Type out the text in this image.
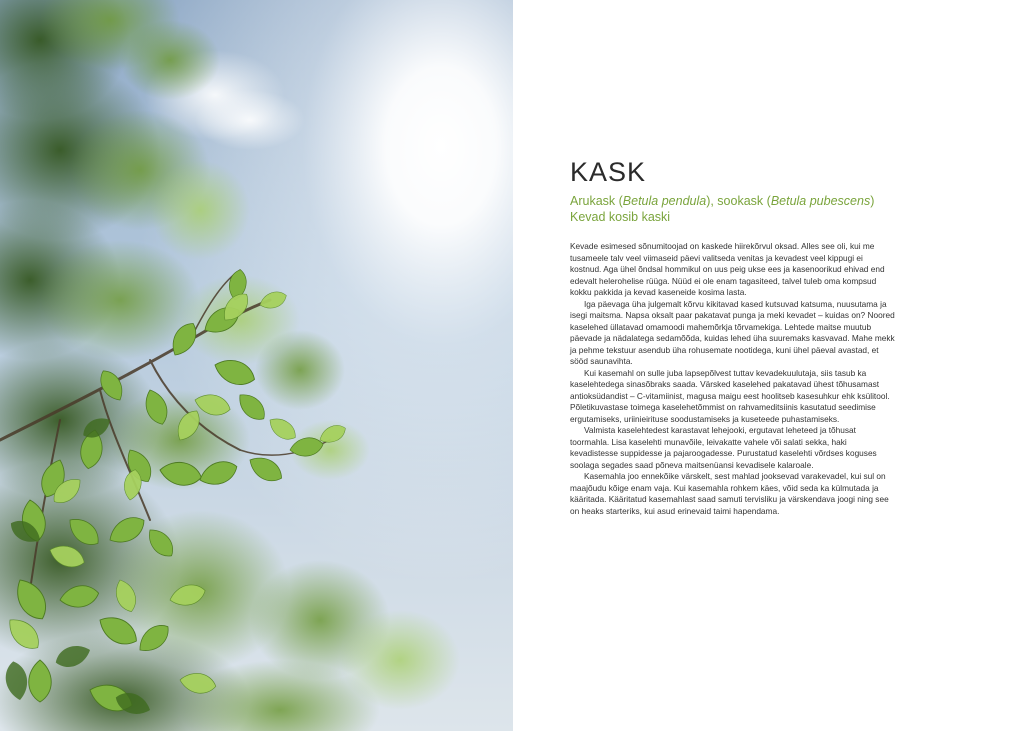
KASK
Arukask (Betula pendula), sookask (Betula pubescens)
Kevad kosib kaski

Kevade esimesed sõnumitoojad on kaskede hiirekõrvul oksad. Alles see oli, kui me tusameele talv veel viimaseid päevi valitseda venitas ja kevadest veel kippugi ei kostnud. Aga ühel õndsal hommikul on uus peig ukse ees ja kasenoorikud ehivad end edevalt helerohelise rüüga. Nüüd ei ole enam tagasiteed, talvel tuleb oma kompsud kokku pakkida ja kevad kaseneide kosima lasta.

Iga päevaga üha julgemalt kõrvu kikitavad kased kutsuvad katsuma, nuusutama ja isegi maitsma. Napsa oksalt paar pakatavat punga ja meki kevadet – kuidas on? Noored kaselehed üllatavad omamoodi mahemõrkja tõrvamekiga. Lehtede maitse muutub päevade ja nädalatega sedamõõda, kuidas lehed üha suuremaks kasvavad. Mahe mekk ja pehme tekstuur asendub üha rohusemate nootidega, kuni ühel päeval avastad, et sööd saunavihta.

Kui kasemahl on sulle juba lapsepõlvest tuttav kevadekuulutaja, siis tasub ka kaselehtedega sinasõbraks saada. Värsked kaselehed pakatavad ühest tõhusamast antioksüdandist – C-vitamiinist, magusa maigu eest hoolitseb kasesuhkur ehk ksülitool. Põletikuvastase toimega kaselehetõmmist on rahvameditsiinis kasutatud seedimise ergutamiseks, uriinieirituse soodustamiseks ja kuseteede puhastamiseks.

Valmista kaselehtedest karastavat lehejooki, ergutavat leheteed ja tõhusat toormahla. Lisa kaselehti munavõile, leivakatte vahele või salati sekka, haki kevadistesse suppidesse ja pajaroogadesse. Purustatud kaselehti võrdses koguses soolaga segades saad põneva maitsenüansi kevadisele kalaroale.

Kasemahla joo ennekõike värskelt, sest mahlad jooksevad varakevadel, kui sul on maajõudu kõige enam vaja. Kui kasemahla rohkem käes, võid seda ka külmutada ja kääritada. Kääritatud kasemahlast saad samuti tervisliku ja värskendava joogi ning see on heaks starteriks, kui asud erinevaid taimi hapendama.
